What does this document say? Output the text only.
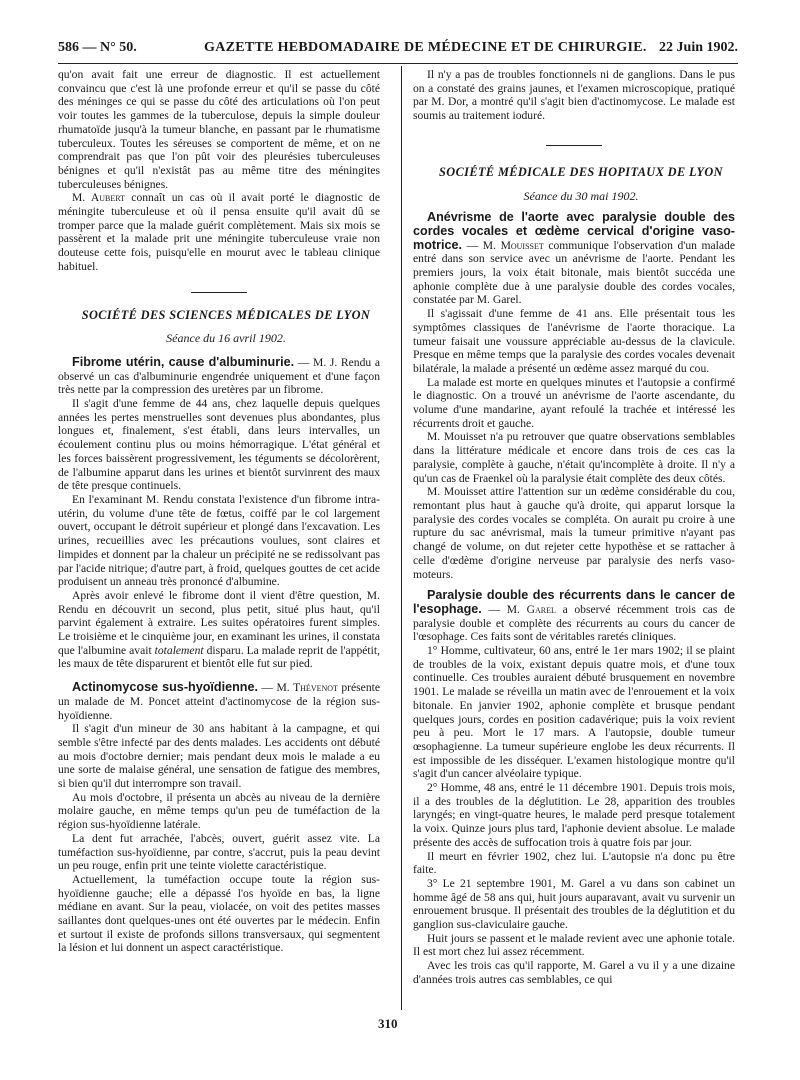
586 — N° 50.	GAZETTE HEBDOMADAIRE DE MÉDECINE ET DE CHIRURGIE. 22 Juin 1902.

qu'on avait fait une erreur de diagnostic. Il est actuellement convaincu que c'est là une profonde erreur et qu'il se passe du côté des méninges ce qui se passe du côté des articulations où l'on peut voir toutes les gammes de la tuberculose, depuis la simple douleur rhumatoïde jusqu'à la tumeur blanche, en passant par le rhumatisme tuberculeux. Toutes les séreuses se comportent de même, et on ne comprendrait pas que l'on pût voir des pleurésies tuberculeuses bénignes et qu'il n'existât pas au même titre des méningites tuberculeuses bénignes.

M. Aubert connaît un cas où il avait porté le diagnostic de méningite tuberculeuse et où il pensa ensuite qu'il avait dû se tromper parce que la malade guérit complètement. Mais six mois se passèrent et la malade prit une méningite tuberculeuse vraie non douteuse cette fois, puisqu'elle en mourut avec le tableau clinique habituel.

SOCIÉTÉ DES SCIENCES MÉDICALES DE LYON

Séance du 16 avril 1902.

Fibrome utérin, cause d'albuminurie. — M. J. Rendu a observé un cas d'albuminurie engendrée uniquement et d'une façon très nette par la compression des uretères par un fibrome.

Il s'agit d'une femme de 44 ans, chez laquelle depuis quelques années les pertes menstruelles sont devenues plus abondantes, plus longues et, finalement, s'est établi, dans leurs intervalles, un écoulement continu plus ou moins hémorragique. L'état général et les forces baissèrent progressivement, les téguments se décolorèrent, de l'albumine apparut dans les urines et bientôt survinrent des maux de tête presque continuels.

En l'examinant M. Rendu constata l'existence d'un fibrome intra-utérin, du volume d'une tête de fœtus, coiffé par le col largement ouvert, occupant le détroit supérieur et plongé dans l'excavation. Les urines, recueillies avec les précautions voulues, sont claires et limpides et donnent par la chaleur un précipité ne se redissolvant pas par l'acide nitrique; d'autre part, à froid, quelques gouttes de cet acide produisent un anneau très prononcé d'albumine.

Après avoir enlevé le fibrome dont il vient d'être question, M. Rendu en découvrit un second, plus petit, situé plus haut, qu'il parvint également à extraire. Les suites opératoires furent simples. Le troisième et le cinquième jour, en examinant les urines, il constata que l'albumine avait totalement disparu. La malade reprit de l'appétit, les maux de tête disparurent et bientôt elle fut sur pied.

Actinomycose sus-hyoïdienne. — M. Thévenot présente un malade de M. Poncet atteint d'actinomycose de la région sus-hyoïdienne.

Il s'agit d'un mineur de 30 ans habitant à la campagne, et qui semble s'être infecté par des dents malades. Les accidents ont débuté au mois d'octobre dernier; mais pendant deux mois le malade a eu une sorte de malaise général, une sensation de fatigue des membres, si bien qu'il dut interrompre son travail.

Au mois d'octobre, il présenta un abcès au niveau de la dernière molaire gauche, en même temps qu'un peu de tuméfaction de la région sus-hyoïdienne latérale.

La dent fut arrachée, l'abcès, ouvert, guérit assez vite. La tuméfaction sus-hyoïdienne, par contre, s'accrut, puis la peau devint un peu rouge, enfin prit une teinte violette caractéristique.

Actuellement, la tuméfaction occupe toute la région sus-hyoïdienne gauche; elle a dépassé l'os hyoïde en bas, la ligne médiane en avant. Sur la peau, violacée, on voit des petites masses saillantes dont quelques-unes ont été ouvertes par le médecin. Enfin et surtout il existe de profonds sillons transversaux, qui segmentent la lésion et lui donnent un aspect caractéristique.

Il n'y a pas de troubles fonctionnels ni de ganglions. Dans le pus on a constaté des grains jaunes, et l'examen microscopique, pratiqué par M. Dor, a montré qu'il s'agit bien d'actinomycose. Le malade est soumis au traitement ioduré.

SOCIÉTÉ MÉDICALE DES HOPITAUX DE LYON

Séance du 30 mai 1902.

Anévrisme de l'aorte avec paralysie double des cordes vocales et œdème cervical d'origine vaso-motrice. — M. Mouisset communique l'observation d'un malade entré dans son service avec un anévrisme de l'aorte. Pendant les premiers jours, la voix était bitonale, mais bientôt succéda une aphonie complète due à une paralysie double des cordes vocales, constatée par M. Garel.

Il s'agissait d'une femme de 41 ans. Elle présentait tous les symptômes classiques de l'anévrisme de l'aorte thoracique. La tumeur faisait une voussure appréciable au-dessus de la clavicule. Presque en même temps que la paralysie des cordes vocales devenait bilatérale, la malade a présenté un œdème assez marqué du cou.

La malade est morte en quelques minutes et l'autopsie a confirmé le diagnostic. On a trouvé un anévrisme de l'aorte ascendante, du volume d'une mandarine, ayant refoulé la trachée et intéressé les récurrents droit et gauche.

M. Mouisset n'a pu retrouver que quatre observations semblables dans la littérature médicale et encore dans trois de ces cas la paralysie, complète à gauche, n'était qu'incomplète à droite. Il n'y a qu'un cas de Fraenkel où la paralysie était complète des deux côtés.

M. Mouisset attire l'attention sur un œdème considérable du cou, remontant plus haut à gauche qu'à droite, qui apparut lorsque la paralysie des cordes vocales se compléta. On aurait pu croire à une rupture du sac anévrismal, mais la tumeur primitive n'ayant pas changé de volume, on dut rejeter cette hypothèse et se rattacher à celle d'œdème d'origine nerveuse par paralysie des nerfs vaso-moteurs.

Paralysie double des récurrents dans le cancer de l'esophage. — M. Garel a observé récemment trois cas de paralysie double et complète des récurrents au cours du cancer de l'œsophage. Ces faits sont de véritables raretés cliniques.

1° Homme, cultivateur, 60 ans, entré le 1er mars 1902; il se plaint de troubles de la voix, existant depuis quatre mois, et d'une toux continuelle. Ces troubles auraient débuté brusquement en novembre 1901. Le malade se réveilla un matin avec de l'enrouement et la voix bitonale. En janvier 1902, aphonie complète et brusque pendant quelques jours, cordes en position cadavérique; puis la voix revient peu à peu. Mort le 17 mars. A l'autopsie, double tumeur œsophagienne. La tumeur supérieure englobe les deux récurrents. Il est impossible de les disséquer. L'examen histologique montre qu'il s'agit d'un cancer alvéolaire typique.

2° Homme, 48 ans, entré le 11 décembre 1901. Depuis trois mois, il a des troubles de la déglutition. Le 28, apparition des troubles laryngés; en vingt-quatre heures, le malade perd presque totalement la voix. Quinze jours plus tard, l'aphonie devient absolue. Le malade présente des accès de suffocation trois à quatre fois par jour.

Il meurt en février 1902, chez lui. L'autopsie n'a donc pu être faite.

3° Le 21 septembre 1901, M. Garel a vu dans son cabinet un homme âgé de 58 ans qui, huit jours auparavant, avait vu survenir un enrouement brusque. Il présentait des troubles de la déglutition et du ganglion sus-claviculaire gauche.

Huit jours se passent et le malade revient avec une aphonie totale. Il est mort chez lui assez récemment.

Avec les trois cas qu'il rapporte, M. Garel a vu il y a une dizaine d'années trois autres cas semblables, ce qui

310
